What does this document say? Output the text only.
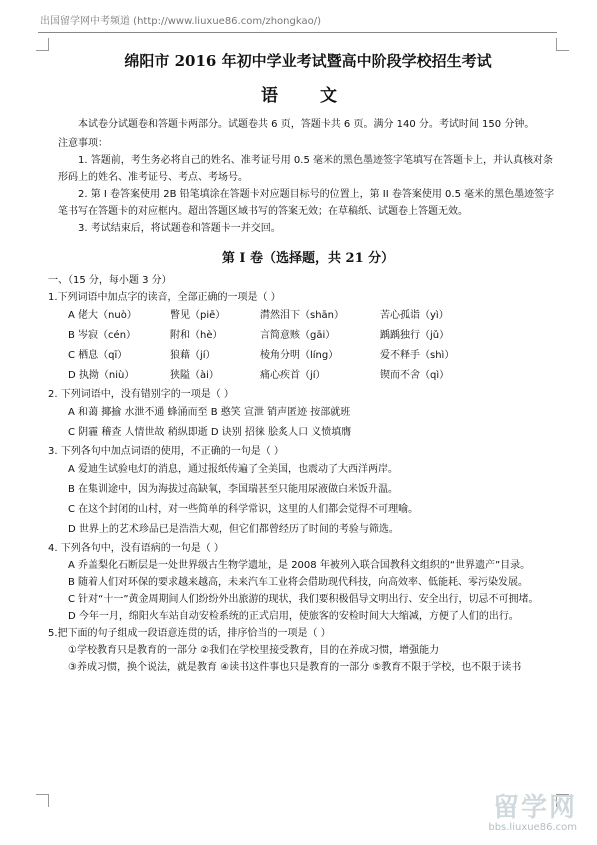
出国留学网中考频道 (http://www.liuxue86.com/zhongkao/)
绵阳市 2016 年初中学业考试暨高中阶段学校招生考试
语 文

本试卷分试题卷和答题卡两部分。试题卷共 6 页，答题卡共 6 页。满分 140 分。考试时间 150 分钟。

注意事项：

1. 答题前，考生务必将自己的姓名、准考证号用 0.5 毫米的黑色墨迹签字笔填写在答题卡上，并认真核对条形码上的姓名、准考证号、考点、考场号。

2. 第 I 卷答案使用 2B 铅笔填涂在答题卡对应题目标号的位置上，第 II 卷答案使用 0.5 毫米的黑色墨迹签字笔书写在答题卡的对应框内。超出答题区域书写的答案无效；在草稿纸、试题卷上答题无效。

3. 考试结束后，将试题卷和答题卡一并交回。

第 I 卷（选择题，共 21 分）

一、（15 分，每小题 3 分）

1.下列词语中加点字的读音，全部正确的一项是（ ）

A 佬大（nuò）	瞥见（piē）	潸然泪下（shān）	苦心孤诣（yì）
B 岑寂（cén）	附和（hè）	言简意赅（gāi）	踽踽独行（jǔ）
C 栖息（qī）	狼藉（jí）	棱角分明（líng）	爱不释手（shì）
D 执拗（niù）	狭隘（ài）	痛心疾首（jí）	锲而不舍（qì）

2. 下列词语中，没有错别字的一项是（ ）

A 和蔼 揶揄 水泄不通 蜂涌而至 B 憨笑 宣泄 销声匿迹 按部就班
C 阴霾 稽查 人情世故 稍纵即逝 D 诀别 招徕 脍炙人口 义愤填膺

3. 下列各句中加点词语的使用，不正确的一句是（ ）

A 爱迪生试验电灯的消息，通过报纸传遍了全美国，也震动了大西洋两岸。
B 在集训途中，因为海拔过高缺氧，李国瑞甚至只能用尿液做白米饭升温。
C 在这个封闭的山村，对一些简单的科学常识，这里的人们都会觉得不可理喻。
D 世界上的艺术珍品已是浩浩大观，但它们都曾经历了时间的考验与筛选。

4. 下列各句中，没有语病的一句是（ ）

A 乔盖梨化石断层是一处世界级古生物学遗址，是 2008 年被列入联合国教科文组织的“世界遗产”目录。

B 随着人们对环保的要求越来越高，未来汽车工业将会借助现代科技，向高效率、低能耗、零污染发展。

C 针对“十一”黄金周期间人们纷纷外出旅游的现状，我们要积极倡导文明出行、安全出行，切忌不可拥堵。

D 今年一月，绵阳火车站自动安检系统的正式启用，使旅客的安检时间大大缩减，方便了人们的出行。

5.把下面的句子组成一段语意连贯的话，排序恰当的一项是（ ）

①学校教育只是教育的一部分 ②我们在学校里接受教育，目的在养成习惯，增强能力

③养成习惯，换个说法，就是教育 ④读书这件事也只是教育的一部分 ⑤教育不限于学校，也不限于读书

留学网
bbs.liuxue86.com
